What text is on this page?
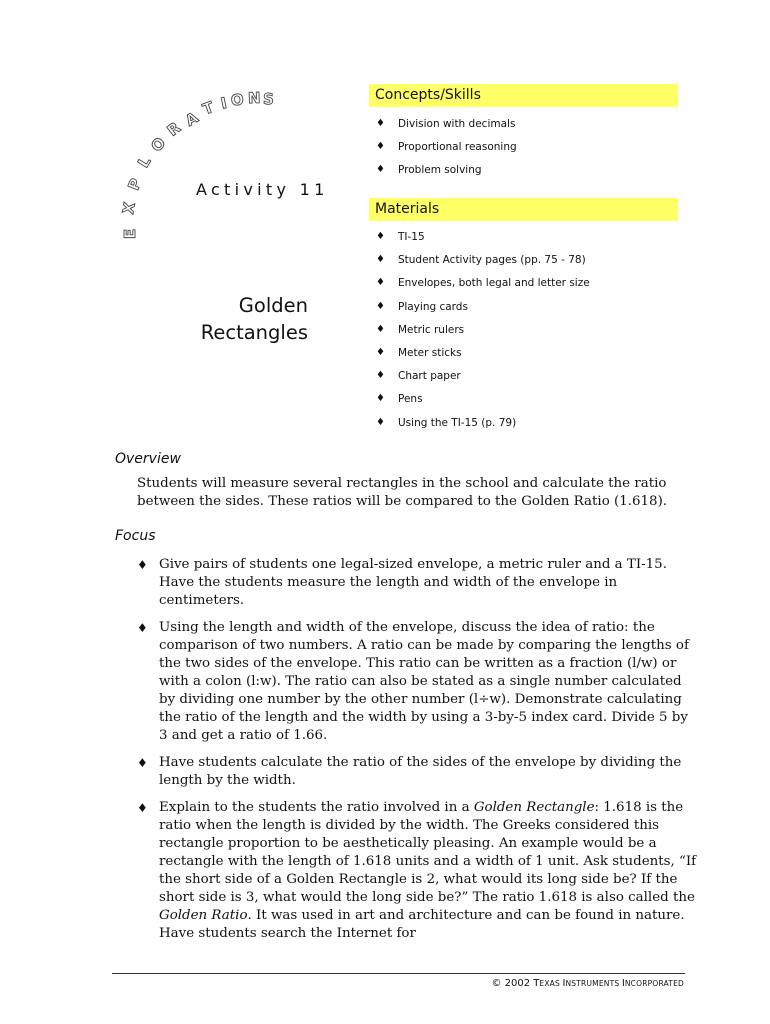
E
X
P
L
O
R
A
T I O N S
Activity 11
Golden
Rectangles
Concepts/Skills
♦ Division with decimals
♦ Proportional reasoning
♦ Problem solving
Materials
♦ TI-15
♦ Student Activity pages (pp. 75 - 78)
♦ Envelopes, both legal and letter size
♦ Playing cards
♦ Metric rulers
♦ Meter sticks
♦ Chart paper
♦ Pens
♦ Using the TI-15 (p. 79)
Overview
Students will measure several rectangles in the school and calculate the ratio between the sides. These ratios will be compared to the Golden Ratio (1.618).
Focus
♦ Give pairs of students one legal-sized envelope, a metric ruler and a TI-15. Have the students measure the length and width of the envelope in centimeters.
♦ Using the length and width of the envelope, discuss the idea of ratio: the comparison of two numbers. A ratio can be made by comparing the lengths of the two sides of the envelope. This ratio can be written as a fraction (l/w) or with a colon (l:w). The ratio can also be stated as a single number calculated by dividing one number by the other number (l÷w). Demonstrate calculating the ratio of the length and the width by using a 3-by-5 index card. Divide 5 by 3 and get a ratio of 1.66.
♦ Have students calculate the ratio of the sides of the envelope by dividing the length by the width.
♦ Explain to the students the ratio involved in a Golden Rectangle: 1.618 is the ratio when the length is divided by the width. The Greeks considered this rectangle proportion to be aesthetically pleasing. An example would be a rectangle with the length of 1.618 units and a width of 1 unit. Ask students, “If the short side of a Golden Rectangle is 2, what would its long side be? If the short side is 3, what would the long side be?” The ratio 1.618 is also called the Golden Ratio. It was used in art and architecture and can be found in nature. Have students search the Internet for
© 2002 TEXAS INSTRUMENTS INCORPORATED
